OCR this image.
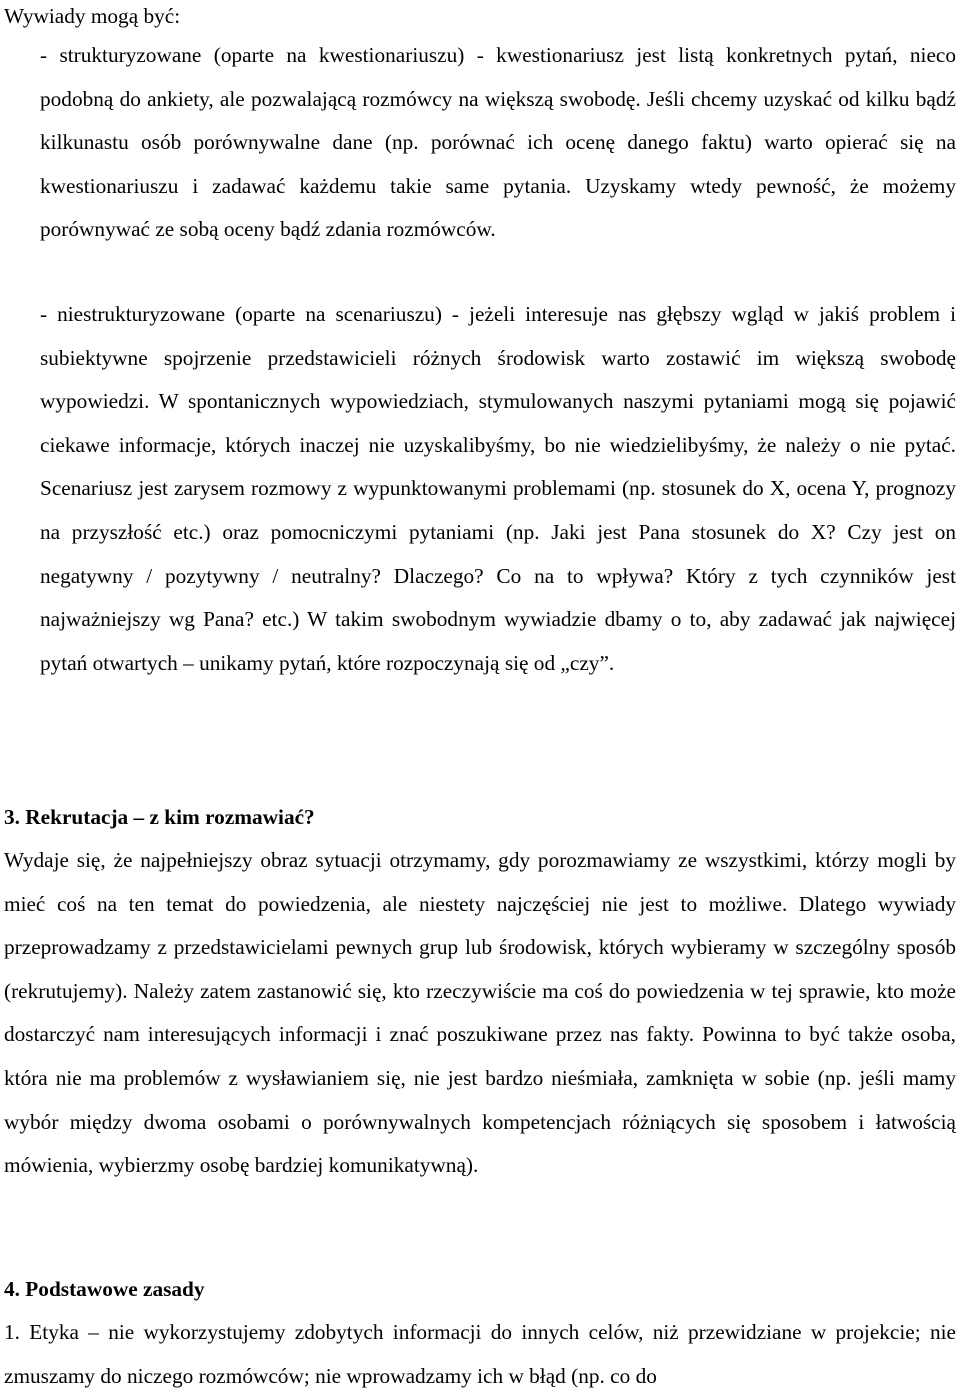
Wywiady mogą być:

- strukturyzowane (oparte na kwestionariuszu) - kwestionariusz jest listą konkretnych pytań, nieco podobną do ankiety, ale pozwalającą rozmówcy na większą swobodę. Jeśli chcemy uzyskać od kilku bądź kilkunastu osób porównywalne dane (np. porównać ich ocenę danego faktu) warto opierać się na kwestionariuszu i zadawać każdemu takie same pytania. Uzyskamy wtedy pewność, że możemy porównywać ze sobą oceny bądź zdania rozmówców.

- niestrukturyzowane (oparte na scenariuszu) - jeżeli interesuje nas głębszy wgląd w jakiś problem i subiektywne spojrzenie przedstawicieli różnych środowisk warto zostawić im większą swobodę wypowiedzi. W spontanicznych wypowiedziach, stymulowanych naszymi pytaniami mogą się pojawić ciekawe informacje, których inaczej nie uzyskalibyśmy, bo nie wiedzielibyśmy, że należy o nie pytać. Scenariusz jest zarysem rozmowy z wypunktowanymi problemami (np. stosunek do X, ocena Y, prognozy na przyszłość etc.) oraz pomocniczymi pytaniami (np. Jaki jest Pana stosunek do X? Czy jest on negatywny / pozytywny / neutralny? Dlaczego? Co na to wpływa? Który z tych czynników jest najważniejszy wg Pana? etc.) W takim swobodnym wywiadzie dbamy o to, aby zadawać jak najwięcej pytań otwartych – unikamy pytań, które rozpoczynają się od „czy”.

3. Rekrutacja – z kim rozmawiać?

Wydaje się, że najpełniejszy obraz sytuacji otrzymamy, gdy porozmawiamy ze wszystkimi, którzy mogli by mieć coś na ten temat do powiedzenia, ale niestety najczęściej nie jest to możliwe. Dlatego wywiady przeprowadzamy z przedstawicielami pewnych grup lub środowisk, których wybieramy w szczególny sposób (rekrutujemy). Należy zatem zastanowić się, kto rzeczywiście ma coś do powiedzenia w tej sprawie, kto może dostarczyć nam interesujących informacji i znać poszukiwane przez nas fakty. Powinna to być także osoba, która nie ma problemów z wysławianiem się, nie jest bardzo nieśmiała, zamknięta w sobie (np. jeśli mamy wybór między dwoma osobami o porównywalnych kompetencjach różniących się sposobem i łatwością mówienia, wybierzmy osobę bardziej komunikatywną).

4. Podstawowe zasady

1. Etyka – nie wykorzystujemy zdobytych informacji do innych celów, niż przewidziane w projekcie; nie zmuszamy do niczego rozmówców; nie wprowadzamy ich w błąd (np. co do
